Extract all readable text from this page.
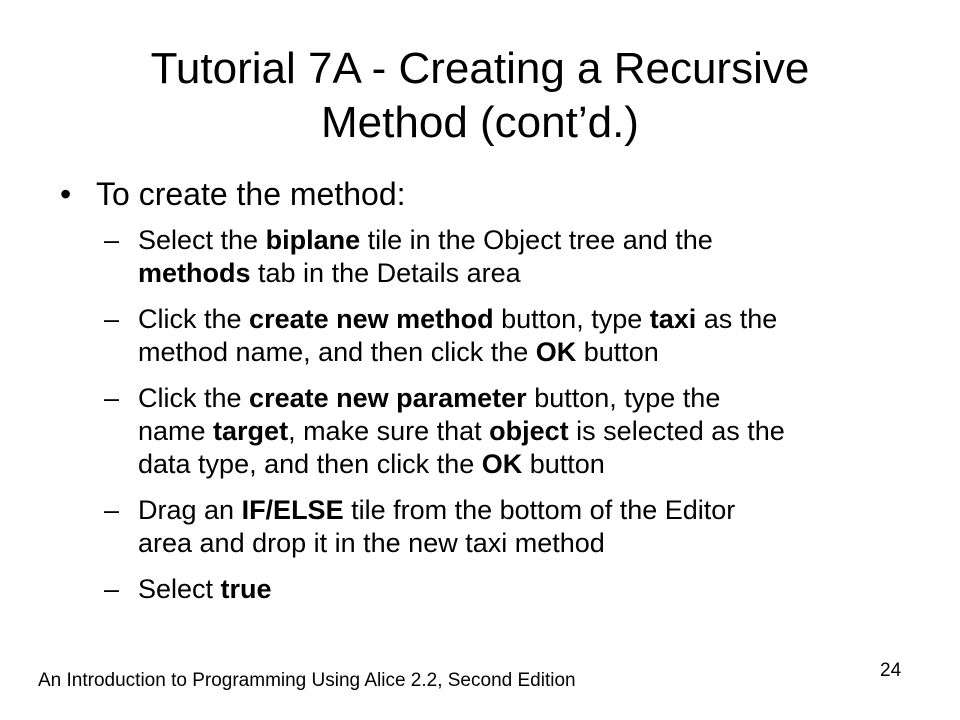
Tutorial 7A - Creating a Recursive
Method (cont’d.)
• To create the method:
– Select the biplane tile in the Object tree and the
methods tab in the Details area
– Click the create new method button, type taxi as the
method name, and then click the OK button
– Click the create new parameter button, type the
name target, make sure that object is selected as the
data type, and then click the OK button
– Drag an IF/ELSE tile from the bottom of the Editor
area and drop it in the new taxi method
– Select true
An Introduction to Programming Using Alice 2.2, Second Edition	24
